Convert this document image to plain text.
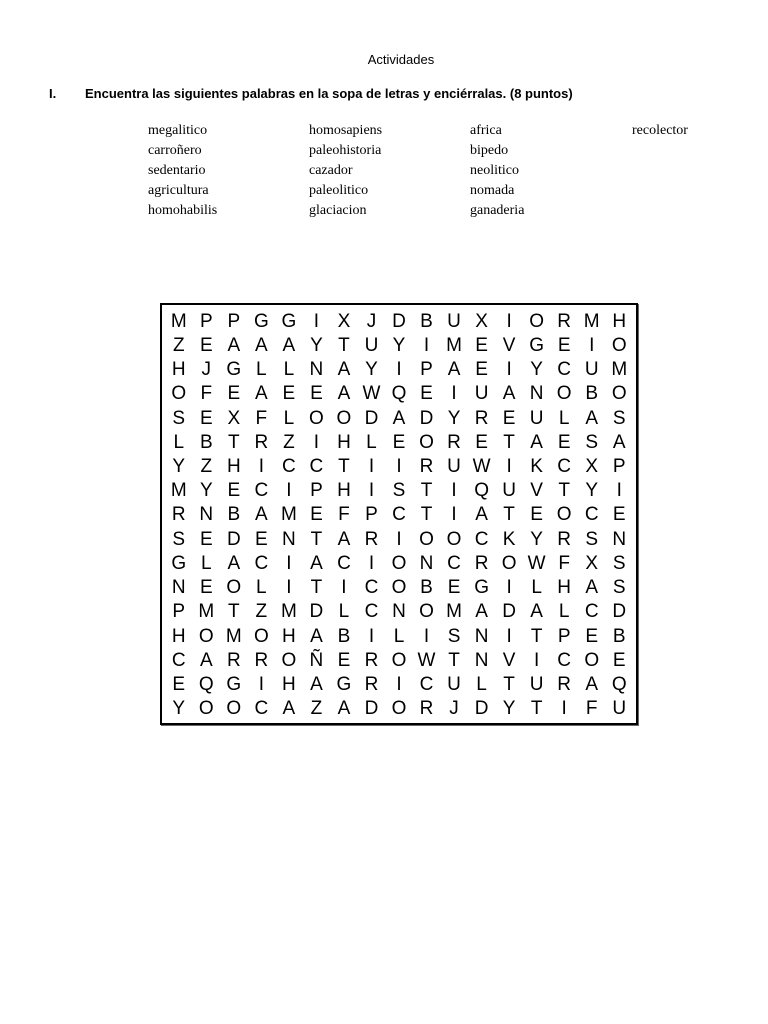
Actividades
I. Encuentra las siguientes palabras en la sopa de letras y enciérralas. (8 puntos)
megalitico
carroñero
sedentario
agricultura
homohabilis
homosapiens
paleohistoria
cazador
paleolitico
glaciacion
africa
bipedo
neolitico
nomada
ganaderia
recolector
M P P G G I X J D B U X I O R M H
Z E A A A Y T U Y I M E V G E I O
H J G L L N A Y I P A E I Y C U M
O F E A E E A W Q E I U A N O B O
S E X F L O O D A D Y R E U L A S
L B T R Z	I H L E O R E T A E S A
Y Z H I C C T	I	I R U W I K C X P
M Y E C I P H I S T	I Q U V T Y I
R N B A M E F P C T	I A T E O C E
S E D E N T A R I O O C K Y R S N
G L A C I A C I O N C R O W F X S
N E O L	I	T	I C O B E G I	L H A S
P M T Z M D L C N O M A D A L C D
H O M O H A B I	L	I S N I	T P E B
C A R R O Ñ E R O W T N V I C O E
E Q G I H A G R I C U L T U R A Q
Y O O C A Z A D O R J D Y T	I	F U
